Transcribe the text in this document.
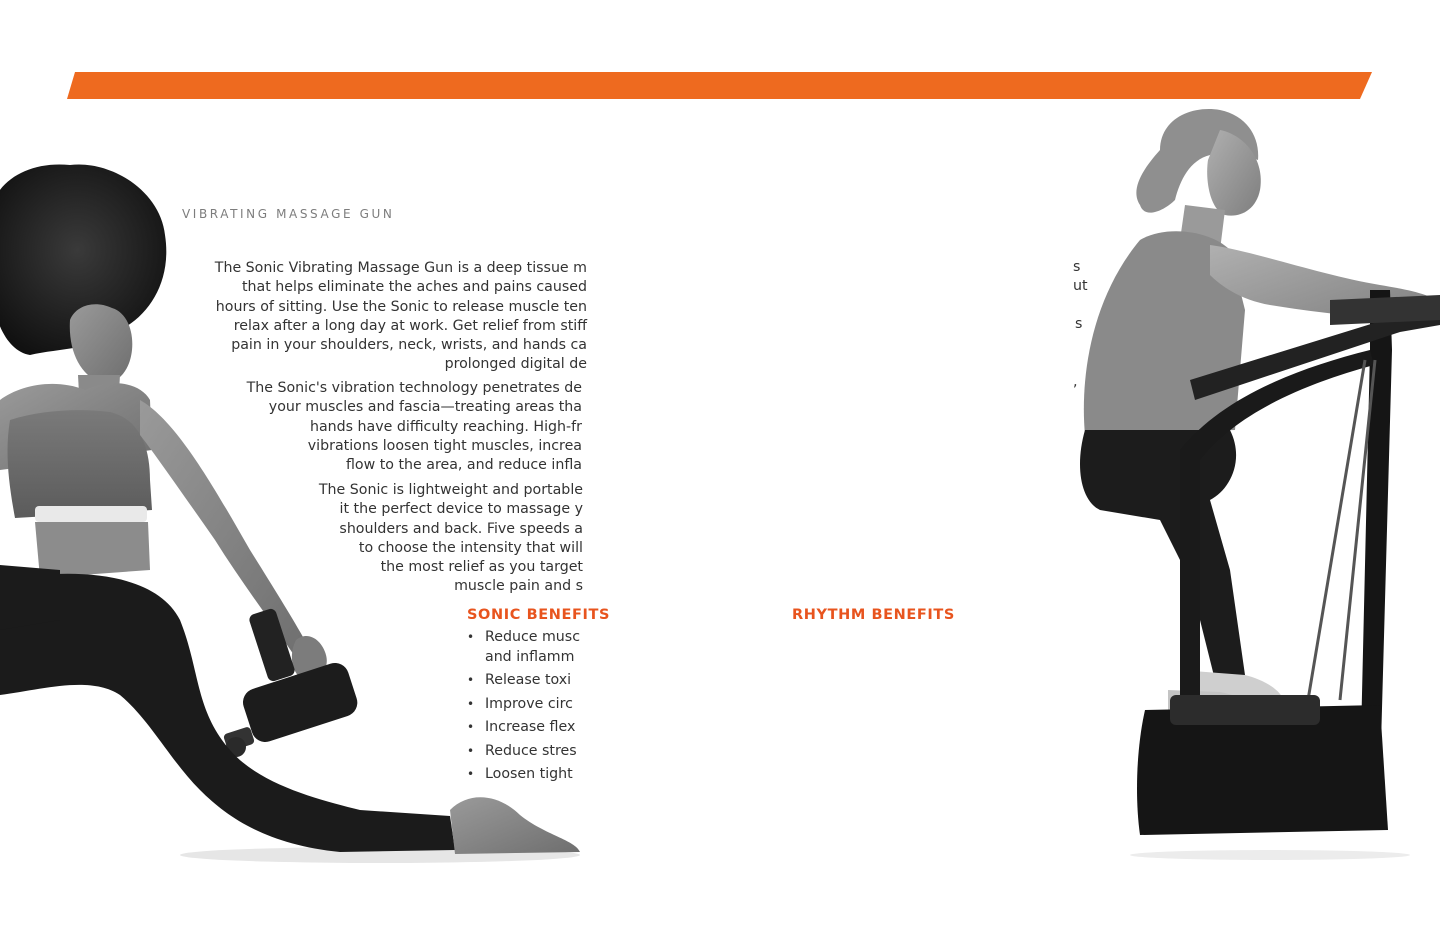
VIBRATING MASSAGE GUN

The Sonic Vibrating Massage Gun is a deep tissue m
that helps eliminate the aches and pains caused
hours of sitting. Use the Sonic to release muscle ten
relax after a long day at work. Get relief from stiff
pain in your shoulders, neck, wrists, and hands ca
prolonged digital de
The Sonic's vibration technology penetrates de
your muscles and fascia—treating areas tha
hands have difficulty reaching. High-fr
vibrations loosen tight muscles, increa
flow to the area, and reduce infla
The Sonic is lightweight and portable
it the perfect device to massage y
shoulders and back. Five speeds a
to choose the intensity that will
the most relief as you target
muscle pain and s
SONIC BENEFITS
• Reduce musc
and inflamm
• Release toxi
• Improve circ
• Increase flex
• Reduce stres
• Loosen tight
RHYTHM BENEFITS

s

ut

s

,
